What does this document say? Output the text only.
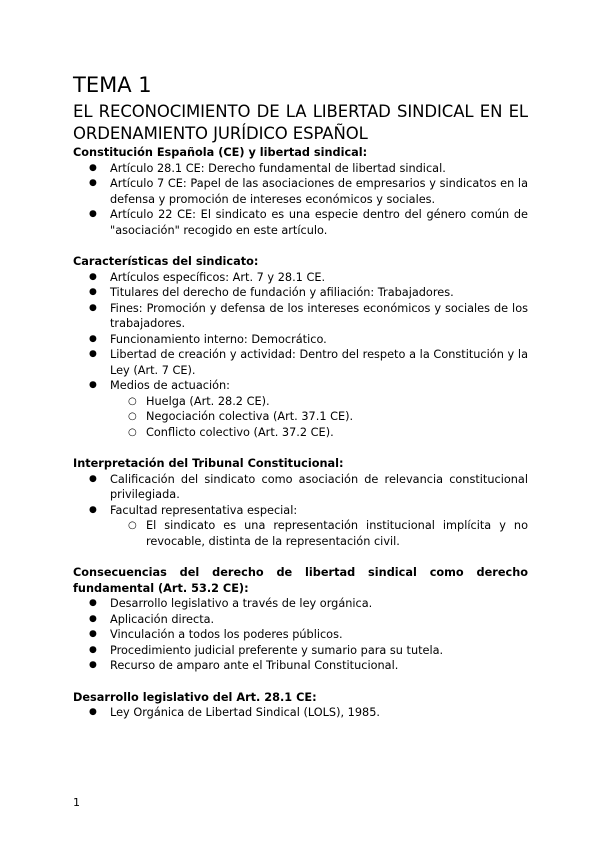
TEMA 1
EL RECONOCIMIENTO DE LA LIBERTAD SINDICAL EN EL ORDENAMIENTO JURÍDICO ESPAÑOL

Constitución Española (CE) y libertad sindical:

● Artículo 28.1 CE: Derecho fundamental de libertad sindical.
● Artículo 7 CE: Papel de las asociaciones de empresarios y sindicatos en la defensa y promoción de intereses económicos y sociales.
● Artículo 22 CE: El sindicato es una especie dentro del género común de "asociación" recogido en este artículo.

Características del sindicato:

● Artículos específicos: Art. 7 y 28.1 CE.
● Titulares del derecho de fundación y afiliación: Trabajadores.
● Fines: Promoción y defensa de los intereses económicos y sociales de los trabajadores.
● Funcionamiento interno: Democrático.
● Libertad de creación y actividad: Dentro del respeto a la Constitución y la Ley (Art. 7 CE).
● Medios de actuación:
○ Huelga (Art. 28.2 CE).
○ Negociación colectiva (Art. 37.1 CE).
○ Conflicto colectivo (Art. 37.2 CE).

Interpretación del Tribunal Constitucional:

● Calificación del sindicato como asociación de relevancia constitucional privilegiada.
● Facultad representativa especial:
○ El sindicato es una representación institucional implícita y no revocable, distinta de la representación civil.

Consecuencias del derecho de libertad sindical como derecho fundamental (Art. 53.2 CE):

● Desarrollo legislativo a través de ley orgánica.
● Aplicación directa.
● Vinculación a todos los poderes públicos.
● Procedimiento judicial preferente y sumario para su tutela.
● Recurso de amparo ante el Tribunal Constitucional.

Desarrollo legislativo del Art. 28.1 CE:

● Ley Orgánica de Libertad Sindical (LOLS), 1985.
1
